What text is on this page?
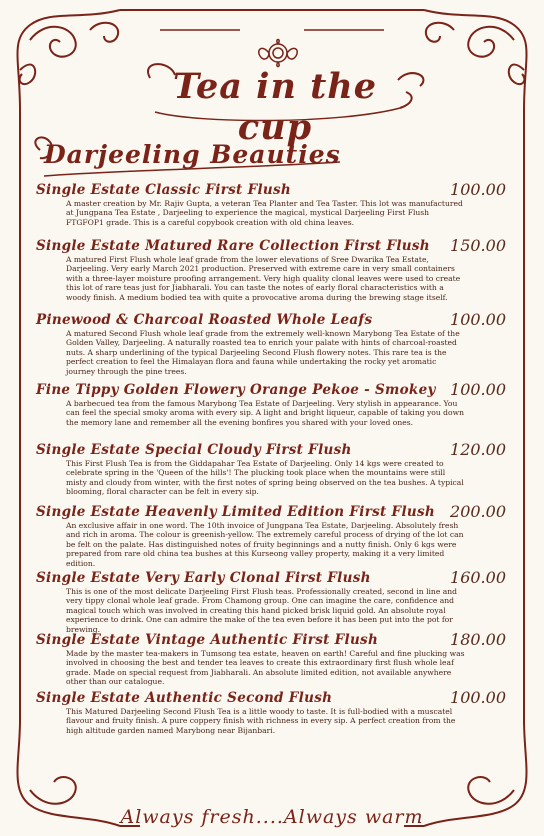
Tea in the cup
Darjeeling Beauties
Single Estate Classic First Flush	100.00

A master creation by Mr. Rajiv Gupta, a veteran Tea Planter and Tea Taster. This lot was manufactured at Jungpana Tea Estate , Darjeeling to experience the magical, mystical Darjeeling First Flush FTGFOP1 grade. This is a careful copybook creation with old china leaves.

Single Estate Matured Rare Collection First Flush 150.00

A matured First Flush whole leaf grade from the lower elevations of Sree Dwarika Tea Estate, Darjeeling. Very early March 2021 production. Preserved with extreme care in very small containers with a three-layer moisture proofing arrangement. Very high quality clonal leaves were used to create this lot of rare teas just for Jiabharali. You can taste the notes of early floral characteristics with a woody finish. A medium bodied tea with quite a provocative aroma during the brewing stage itself.

Pinewood & Charcoal Roasted Whole Leafs	100.00

A matured Second Flush whole leaf grade from the extremely well-known Marybong Tea Estate of the Golden Valley, Darjeeling. A naturally roasted tea to enrich your palate with hints of charcoal-roasted nuts. A sharp underlining of the typical Darjeeling Second Flush flowery notes. This rare tea is the perfect creation to feel the Himalayan flora and fauna while undertaking the rocky yet aromatic journey through the pine trees.

Fine Tippy Golden Flowery Orange Pekoe - Smokey 100.00

A barbecued tea from the famous Marybong Tea Estate of Darjeeling. Very stylish in appearance. You can feel the special smoky aroma with every sip. A light and bright liqueur, capable of taking you down the memory lane and remember all the evening bonfires you shared with your loved ones.

Single Estate Special Cloudy First Flush	120.00

This First Flush Tea is from the Giddapahar Tea Estate of Darjeeling. Only 14 kgs were created to celebrate spring in the 'Queen of the hills'! The plucking took place when the mountains were still misty and cloudy from winter, with the first notes of spring being observed on the tea bushes. A typical blooming, floral character can be felt in every sip.

Single Estate Heavenly Limited Edition First Flush 200.00

An exclusive affair in one word. The 10th invoice of Jungpana Tea Estate, Darjeeling. Absolutely fresh and rich in aroma. The colour is greenish-yellow. The extremely careful process of drying of the lot can be felt on the palate. Has distinguished notes of fruity beginnings and a nutty finish. Only 6 kgs were prepared from rare old china tea bushes at this Kurseong valley property, making it a very limited edition.

Single Estate Very Early Clonal First Flush	160.00

This is one of the most delicate Darjeeling First Flush teas. Professionally created, second in line and very tippy clonal whole leaf grade. From Chamong group. One can imagine the care, confidence and magical touch which was involved in creating this hand picked brisk liquid gold. An absolute royal experience to drink. One can admire the make of the tea even before it has been put into the pot for brewing.

Single Estate Vintage Authentic First Flush	180.00

Made by the master tea-makers in Tumsong tea estate, heaven on earth! Careful and fine plucking was involved in choosing the best and tender tea leaves to create this extraordinary first flush whole leaf grade. Made on special request from Jiabharali. An absolute limited edition, not available anywhere other than our catalogue.

Single Estate Authentic Second Flush	100.00

This Matured Darjeeling Second Flush Tea is a little woody to taste. It is full-bodied with a muscatel flavour and fruity finish. A pure coppery finish with richness in every sip. A perfect creation from the high altitude garden named Marybong near Bijanbari.

Always fresh....Always warm
